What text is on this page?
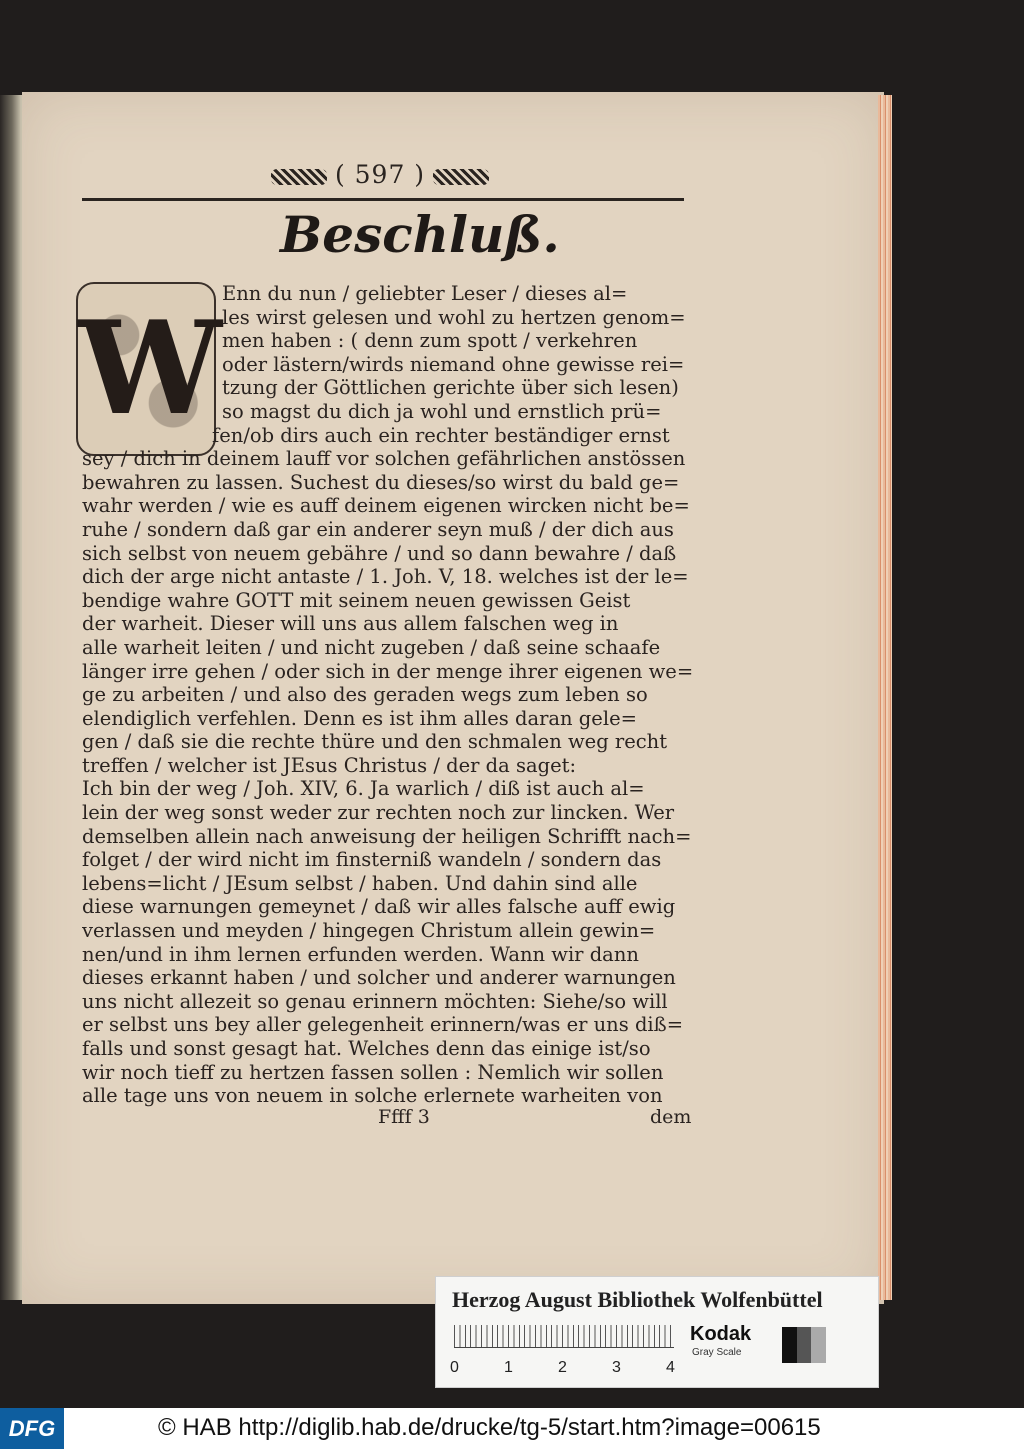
( 597 )
Beschluß.
W
Enn du nun / geliebter Leser / dieses al=
les wirst gelesen und wohl zu hertzen genom=
men haben : ( denn zum spott / verkehren
oder lästern/wirds niemand ohne gewisse rei=
tzung der Göttlichen gerichte über sich lesen)
so magst du dich ja wohl und ernstlich prü=
fen/ob dirs auch ein rechter beständiger ernst
sey / dich in deinem lauff vor solchen gefährlichen anstössen
bewahren zu lassen. Suchest du dieses/so wirst du bald ge=
wahr werden / wie es auff deinem eigenen wircken nicht be=
ruhe / sondern daß gar ein anderer seyn muß / der dich aus
sich selbst von neuem gebähre / und so dann bewahre / daß
dich der arge nicht antaste / 1. Joh. V, 18. welches ist der le=
bendige wahre GOTT mit seinem neuen gewissen Geist
der warheit. Dieser will uns aus allem falschen weg in
alle warheit leiten / und nicht zugeben / daß seine schaafe
länger irre gehen / oder sich in der menge ihrer eigenen we=
ge zu arbeiten / und also des geraden wegs zum leben so
elendiglich verfehlen. Denn es ist ihm alles daran gele=
gen / daß sie die rechte thüre und den schmalen weg recht
treffen / welcher ist JEsus Christus / der da saget:
Ich bin der weg / Joh. XIV, 6. Ja warlich / diß ist auch al=
lein der weg sonst weder zur rechten noch zur lincken. Wer
demselben allein nach anweisung der heiligen Schrifft nach=
folget / der wird nicht im finsterniß wandeln / sondern das
lebens=licht / JEsum selbst / haben. Und dahin sind alle
diese warnungen gemeynet / daß wir alles falsche auff ewig
verlassen und meyden / hingegen Christum allein gewin=
nen/und in ihm lernen erfunden werden. Wann wir dann
dieses erkannt haben / und solcher und anderer warnungen
uns nicht allezeit so genau erinnern möchten: Siehe/so will
er selbst uns bey aller gelegenheit erinnern/was er uns diß=
falls und sonst gesagt hat. Welches denn das einige ist/so
wir noch tieff zu hertzen fassen sollen : Nemlich wir sollen
alle tage uns von neuem in solche erlernete warheiten von
Ffff 3	dem
Herzog August Bibliothek Wolfenbüttel
0	1	2	3	4
Kodak
Gray Scale
DFG	© HAB http://diglib.hab.de/drucke/tg-5/start.htm?image=00615
